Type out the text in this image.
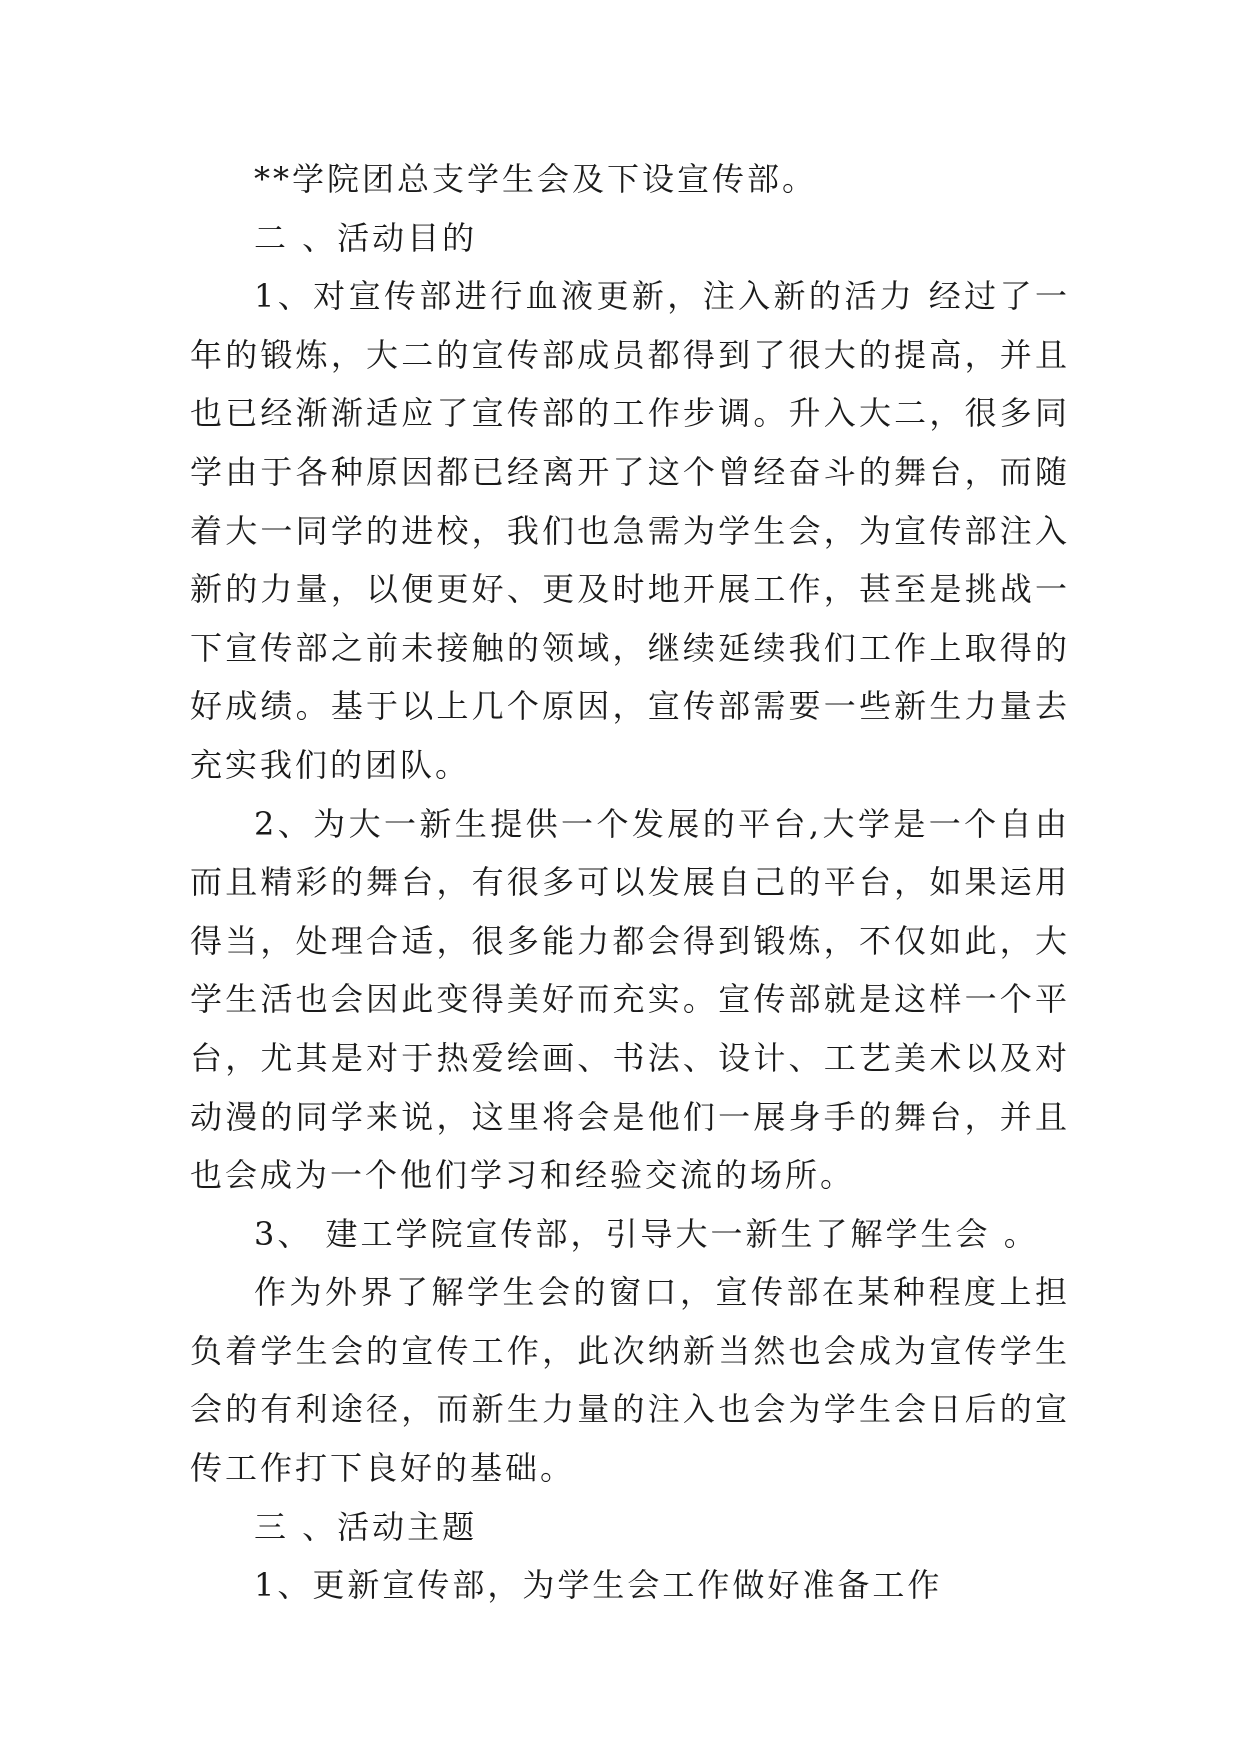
**学院团总支学生会及下设宣传部。

二 、活动目的

1、对宣传部进行血液更新，注入新的活力 经过了一年的锻炼，大二的宣传部成员都得到了很大的提高，并且也已经渐渐适应了宣传部的工作步调。升入大二，很多同学由于各种原因都已经离开了这个曾经奋斗的舞台，而随着大一同学的进校，我们也急需为学生会，为宣传部注入新的力量，以便更好、更及时地开展工作，甚至是挑战一下宣传部之前未接触的领域，继续延续我们工作上取得的好成绩。基于以上几个原因，宣传部需要一些新生力量去充实我们的团队。

2、为大一新生提供一个发展的平台,大学是一个自由而且精彩的舞台，有很多可以发展自己的平台，如果运用得当，处理合适，很多能力都会得到锻炼，不仅如此，大学生活也会因此变得美好而充实。宣传部就是这样一个平台，尤其是对于热爱绘画、书法、设计、工艺美术以及对动漫的同学来说，这里将会是他们一展身手的舞台，并且也会成为一个他们学习和经验交流的场所。

3、 建工学院宣传部，引导大一新生了解学生会 。

作为外界了解学生会的窗口，宣传部在某种程度上担负着学生会的宣传工作，此次纳新当然也会成为宣传学生会的有利途径，而新生力量的注入也会为学生会日后的宣传工作打下良好的基础。

三 、活动主题

1、更新宣传部，为学生会工作做好准备工作
